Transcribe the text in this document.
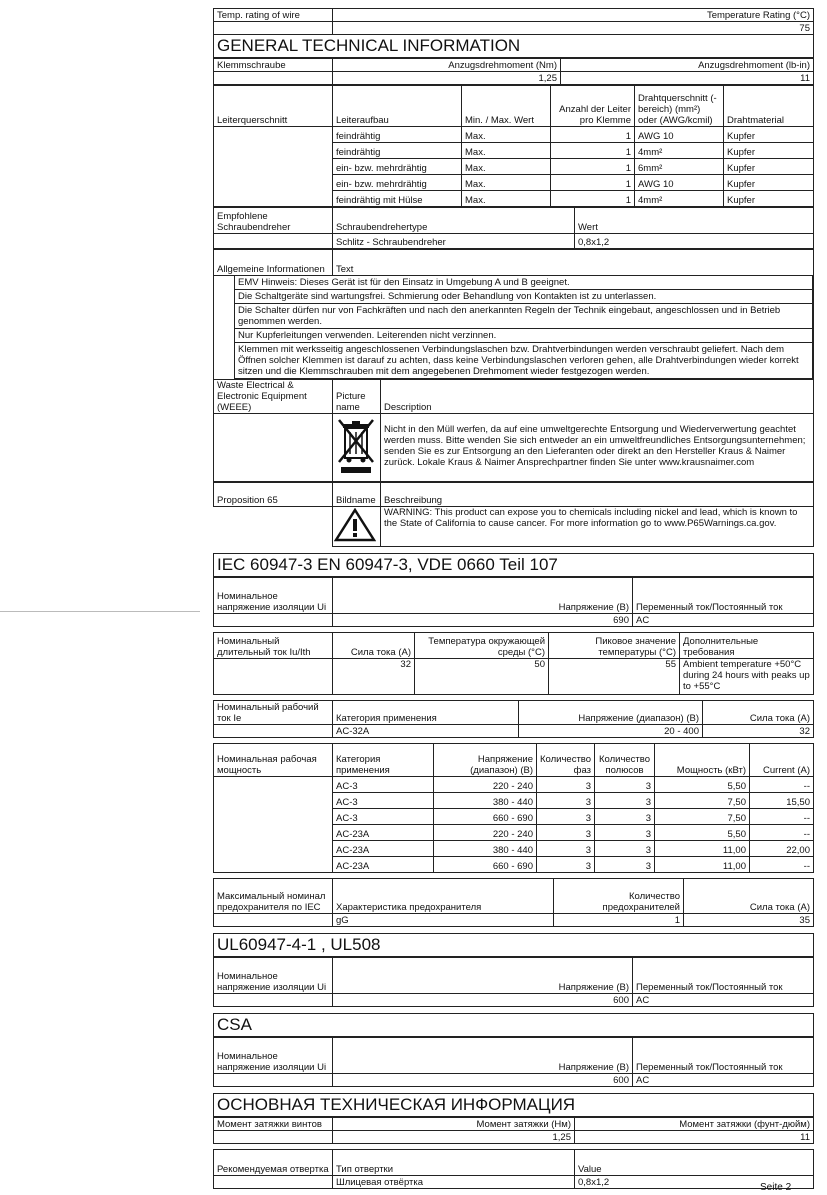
Temp. rating of wire	Temperature Rating (°C)
	75
GENERAL TECHNICAL INFORMATION
Klemmschraube	Anzugsdrehmoment (Nm)	Anzugsdrehmoment (lb-in)
	1,25	11
Leiterquerschnitt	Leiteraufbau	Min. / Max. Wert	Anzahl der Leiter pro Klemme	Drahtquerschnitt (-bereich) (mm²) oder (AWG/kcmil)	Drahtmaterial
	feindrähtig	Max.	1	AWG 10	Kupfer
	feindrähtig	Max.	1	4mm²	Kupfer
	ein- bzw. mehrdrähtig	Max.	1	6mm²	Kupfer
	ein- bzw. mehrdrähtig	Max.	1	AWG 10	Kupfer
	feindrähtig mit Hülse	Max.	1	4mm²	Kupfer
Empfohlene Schraubendreher	Schraubendrehertype	Wert
	Schlitz - Schraubendreher	0,8x1,2
Allgemeine Informationen	Text
EMV Hinweis: Dieses Gerät ist für den Einsatz in Umgebung A und B geeignet.
Die Schaltgeräte sind wartungsfrei. Schmierung oder Behandlung von Kontakten ist zu unterlassen.
Die Schalter dürfen nur von Fachkräften und nach den anerkannten Regeln der Technik eingebaut, angeschlossen und in Betrieb genommen werden.
Nur Kupferleitungen verwenden. Leiterenden nicht verzinnen.
Klemmen mit werksseitig angeschlossenen Verbindungslaschen bzw. Drahtverbindungen werden verschraubt geliefert. Nach dem Öffnen solcher Klemmen ist darauf zu achten, dass keine Verbindungslaschen verloren gehen, alle Drahtverbindungen wieder korrekt sitzen und die Klemmschrauben mit dem angegebenen Drehmoment wieder festgezogen werden.
Waste Electrical & Electronic Equipment (WEEE)	Picture name	Description
		Nicht in den Müll werfen, da auf eine umweltgerechte Entsorgung und Wiederverwertung geachtet werden muss. Bitte wenden Sie sich entweder an ein umweltfreundliches Entsorgungsunternehmen; senden Sie es zur Entsorgung an den Lieferanten oder direkt an den Hersteller Kraus & Naimer zurück. Lokale Kraus & Naimer Ansprechpartner finden Sie unter www.krausnaimer.com
Proposition 65	Bildname	Beschreibung
		WARNING: This product can expose you to chemicals including nickel and lead, which is known to the State of California to cause cancer. For more information go to www.P65Warnings.ca.gov.
IEC 60947-3 EN 60947-3, VDE 0660 Teil 107
Номинальное напряжение изоляции Ui	Напряжение (В)	Переменный ток/Постоянный ток
	690	AC
Номинальный длительный ток Iu/Ith	Сила тока (А)	Температура окружающей среды (°C)	Пиковое значение температуры (°C)	Дополнительные требования
	32	50	55	Ambient temperature +50°C during 24 hours with peaks up to +55°C
Номинальный рабочий ток Ie	Категория применения	Напряжение (диапазон) (В)	Сила тока (А)
	AC-32A	20 - 400	32
Номинальная рабочая мощность	Категория применения	Напряжение (диапазон) (В)	Количество фаз	Количество полюсов	Мощность (кВт)	Current (A)
	AC-3	220 - 240	3	3	5,50	--
	AC-3	380 - 440	3	3	7,50	15,50
	AC-3	660 - 690	3	3	7,50	--
	AC-23A	220 - 240	3	3	5,50	--
	AC-23A	380 - 440	3	3	11,00	22,00
	AC-23A	660 - 690	3	3	11,00	--
Максимальный номинал предохранителя по IEC	Характеристика предохранителя	Количество предохранителей	Сила тока (А)
	gG	1	35
UL60947-4-1 , UL508
Номинальное напряжение изоляции Ui	Напряжение (В)	Переменный ток/Постоянный ток
	600	AC
CSA
Номинальное напряжение изоляции Ui	Напряжение (В)	Переменный ток/Постоянный ток
	600	AC
ОСНОВНАЯ ТЕХНИЧЕСКАЯ ИНФОРМАЦИЯ
Момент затяжки винтов	Момент затяжки (Нм)	Момент затяжки (фунт-дюйм)
	1,25	11
Рекомендуемая отвертка	Тип отвертки	Value
	Шлицевая отвёртка	0,8x1,2	Seite 2
